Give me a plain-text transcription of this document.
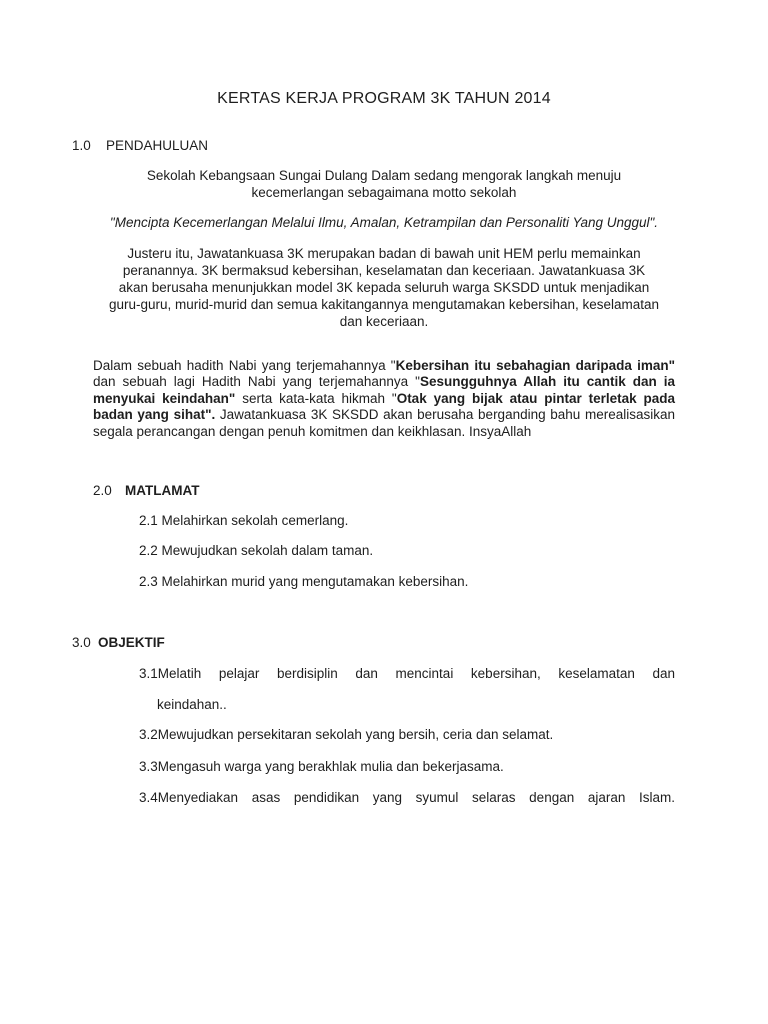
KERTAS KERJA PROGRAM 3K TAHUN 2014
1.0 PENDAHULUAN
Sekolah Kebangsaan Sungai Dulang Dalam sedang mengorak langkah menuju
kecemerlangan sebagaimana motto sekolah
"Mencipta Kecemerlangan Melalui Ilmu, Amalan, Ketrampilan dan Personaliti Yang Unggul".
Justeru itu, Jawatankuasa 3K merupakan badan di bawah unit HEM perlu memainkan
peranannya. 3K bermaksud kebersihan, keselamatan dan keceriaan. Jawatankuasa 3K
akan berusaha menunjukkan model 3K kepada seluruh warga SKSDD untuk menjadikan
guru-guru, murid-murid dan semua kakitangannya mengutamakan kebersihan, keselamatan
dan keceriaan.
Dalam sebuah hadith Nabi yang terjemahannya "Kebersihan itu sebahagian daripada iman" dan sebuah lagi Hadith Nabi yang terjemahannya "Sesungguhnya Allah itu cantik dan ia menyukai keindahan" serta kata-kata hikmah "Otak yang bijak atau pintar terletak pada badan yang sihat". Jawatankuasa 3K SKSDD akan berusaha berganding bahu merealisasikan segala perancangan dengan penuh komitmen dan keikhlasan. InsyaAllah
2.0 MATLAMAT
2.1 Melahirkan sekolah cemerlang.
2.2 Mewujudkan sekolah dalam taman.
2.3 Melahirkan murid yang mengutamakan kebersihan.
3.0 OBJEKTIF
3.1Melatih pelajar berdisiplin dan mencintai kebersihan, keselamatan dan
keindahan..
3.2Mewujudkan persekitaran sekolah yang bersih, ceria dan selamat.
3.3Mengasuh warga yang berakhlak mulia dan bekerjasama.
3.4Menyediakan asas pendidikan yang syumul selaras dengan ajaran Islam.
